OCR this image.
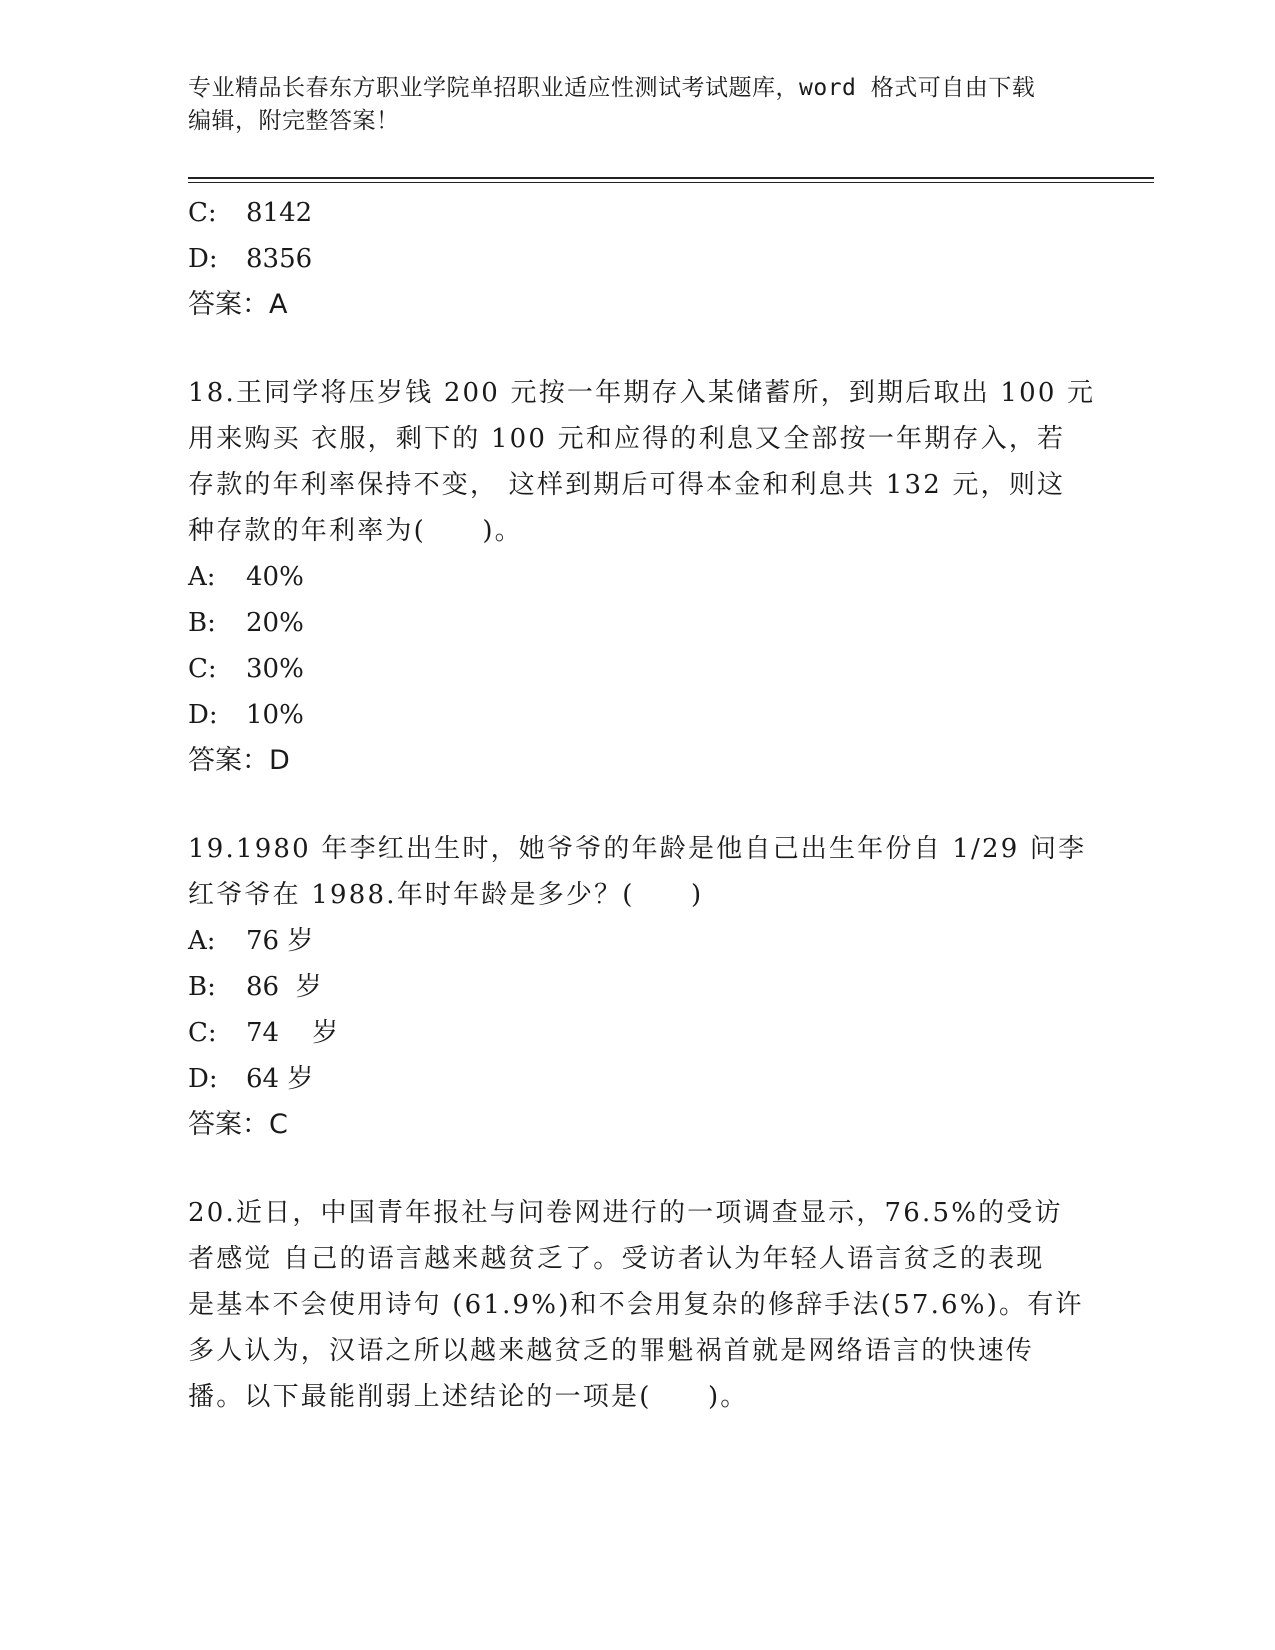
专业精品长春东方职业学院单招职业适应性测试考试题库，word 格式可自由下载
编辑，附完整答案！
C: 8142
D: 8356
答案：A
18.王同学将压岁钱 200 元按一年期存入某储蓄所，到期后取出 100 元
用来购买 衣服，剩下的 100 元和应得的利息又全部按一年期存入，若
存款的年利率保持不变， 这样到期后可得本金和利息共 132 元，则这
种存款的年利率为(　　)。
A: 40%
B: 20%
C: 30%
D: 10%
答案：D
19.1980 年李红出生时，她爷爷的年龄是他自己出生年份自 1/29 问李
红爷爷在 1988.年时年龄是多少？(　　)
A: 76 岁
B: 86  岁
C: 74    岁
D: 64 岁
答案：C
20.近日，中国青年报社与问卷网进行的一项调查显示，76.5%的受访
者感觉 自己的语言越来越贫乏了。受访者认为年轻人语言贫乏的表现
是基本不会使用诗句 (61.9%)和不会用复杂的修辞手法(57.6%)。有许
多人认为，汉语之所以越来越贫乏的罪魁祸首就是网络语言的快速传
播。以下最能削弱上述结论的一项是(　　)。
